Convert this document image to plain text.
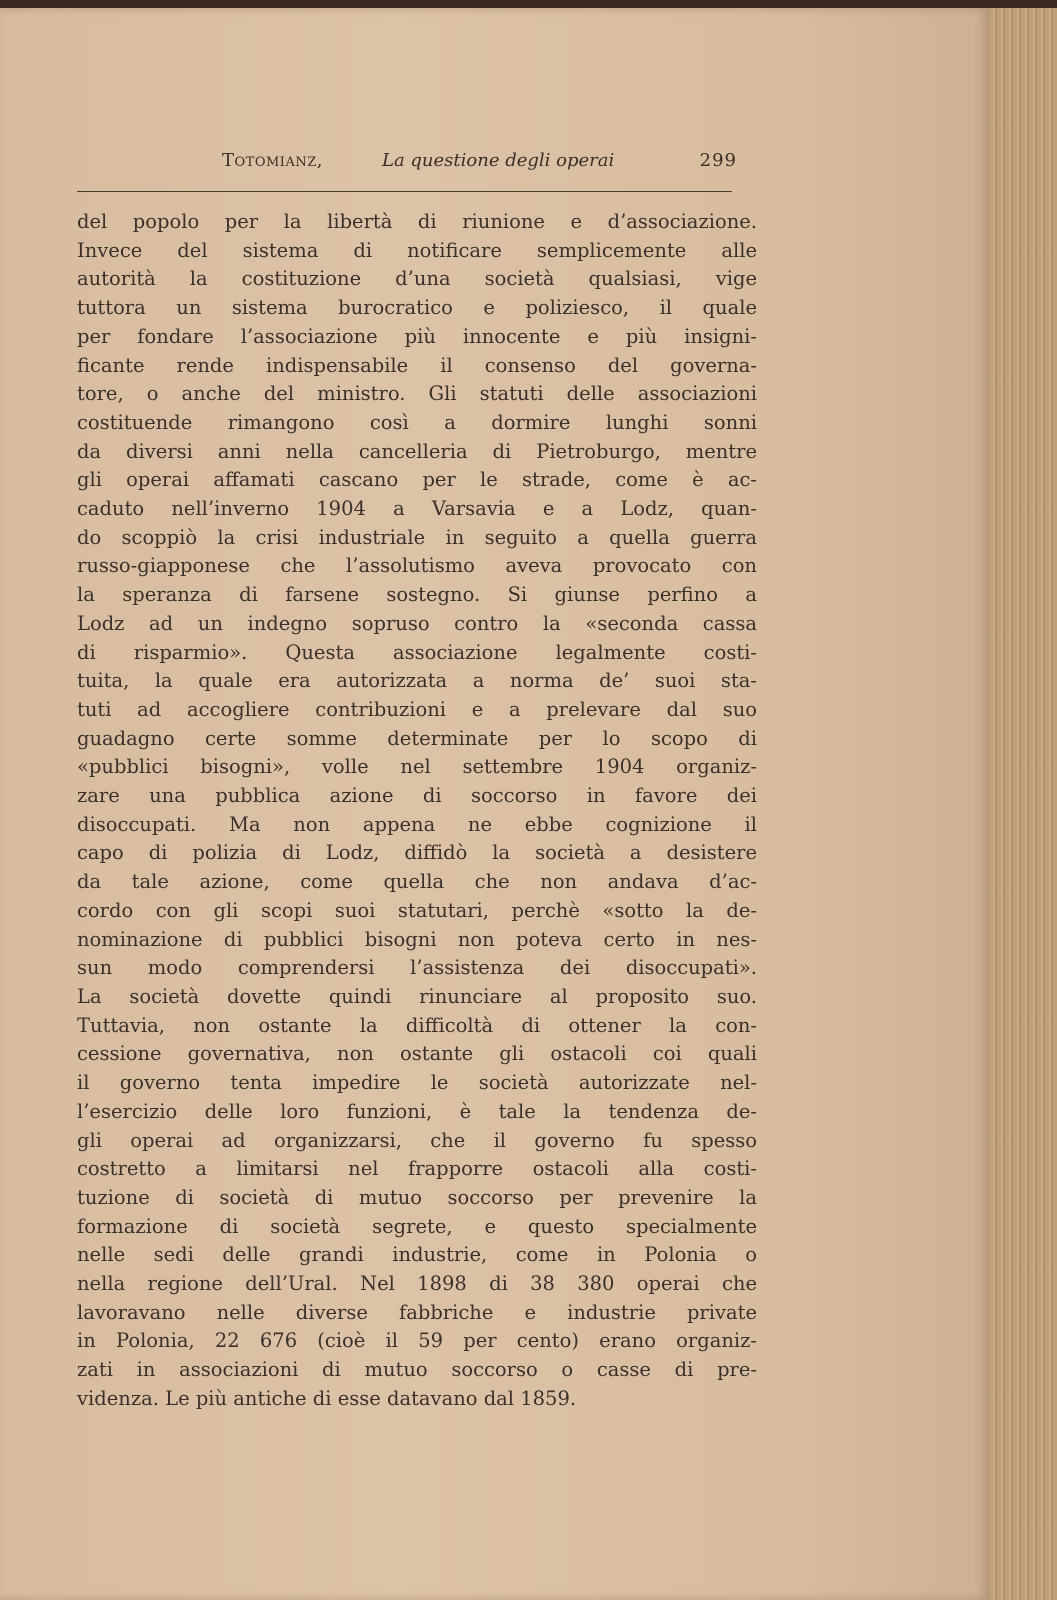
Totomianz,	La questione degli operai	299
del popolo per la libertà di riunione e d’associazione.
Invece del sistema di notificare semplicemente alle
autorità la costituzione d’una società qualsiasi, vige
tuttora un sistema burocratico e poliziesco, il quale
per fondare l’associazione più innocente e più insigni-
ficante rende indispensabile il consenso del governa-
tore, o anche del ministro. Gli statuti delle associazioni
costituende rimangono così a dormire lunghi sonni
da diversi anni nella cancelleria di Pietroburgo, mentre
gli operai affamati cascano per le strade, come è ac-
caduto nell’inverno 1904 a Varsavia e a Lodz, quan-
do scoppiò la crisi industriale in seguito a quella guerra
russo-giapponese che l’assolutismo aveva provocato con
la speranza di farsene sostegno. Si giunse perfino a
Lodz ad un indegno sopruso contro la «seconda cassa
di risparmio». Questa associazione legalmente costi-
tuita, la quale era autorizzata a norma de’ suoi sta-
tuti ad accogliere contribuzioni e a prelevare dal suo
guadagno certe somme determinate per lo scopo di
«pubblici bisogni», volle nel settembre 1904 organiz-
zare una pubblica azione di soccorso in favore dei
disoccupati. Ma non appena ne ebbe cognizione il
capo di polizia di Lodz, diffidò la società a desistere
da tale azione, come quella che non andava d’ac-
cordo con gli scopi suoi statutari, perchè «sotto la de-
nominazione di pubblici bisogni non poteva certo in nes-
sun modo comprendersi l’assistenza dei disoccupati».
La società dovette quindi rinunciare al proposito suo.
Tuttavia, non ostante la difficoltà di ottener la con-
cessione governativa, non ostante gli ostacoli coi quali
il governo tenta impedire le società autorizzate nel-
l’esercizio delle loro funzioni, è tale la tendenza de-
gli operai ad organizzarsi, che il governo fu spesso
costretto a limitarsi nel frapporre ostacoli alla costi-
tuzione di società di mutuo soccorso per prevenire la
formazione di società segrete, e questo specialmente
nelle sedi delle grandi industrie, come in Polonia o
nella regione dell’Ural. Nel 1898 di 38 380 operai che
lavoravano nelle diverse fabbriche e industrie private
in Polonia, 22 676 (cioè il 59 per cento) erano organiz-
zati in associazioni di mutuo soccorso o casse di pre-
videnza. Le più antiche di esse datavano dal 1859.
